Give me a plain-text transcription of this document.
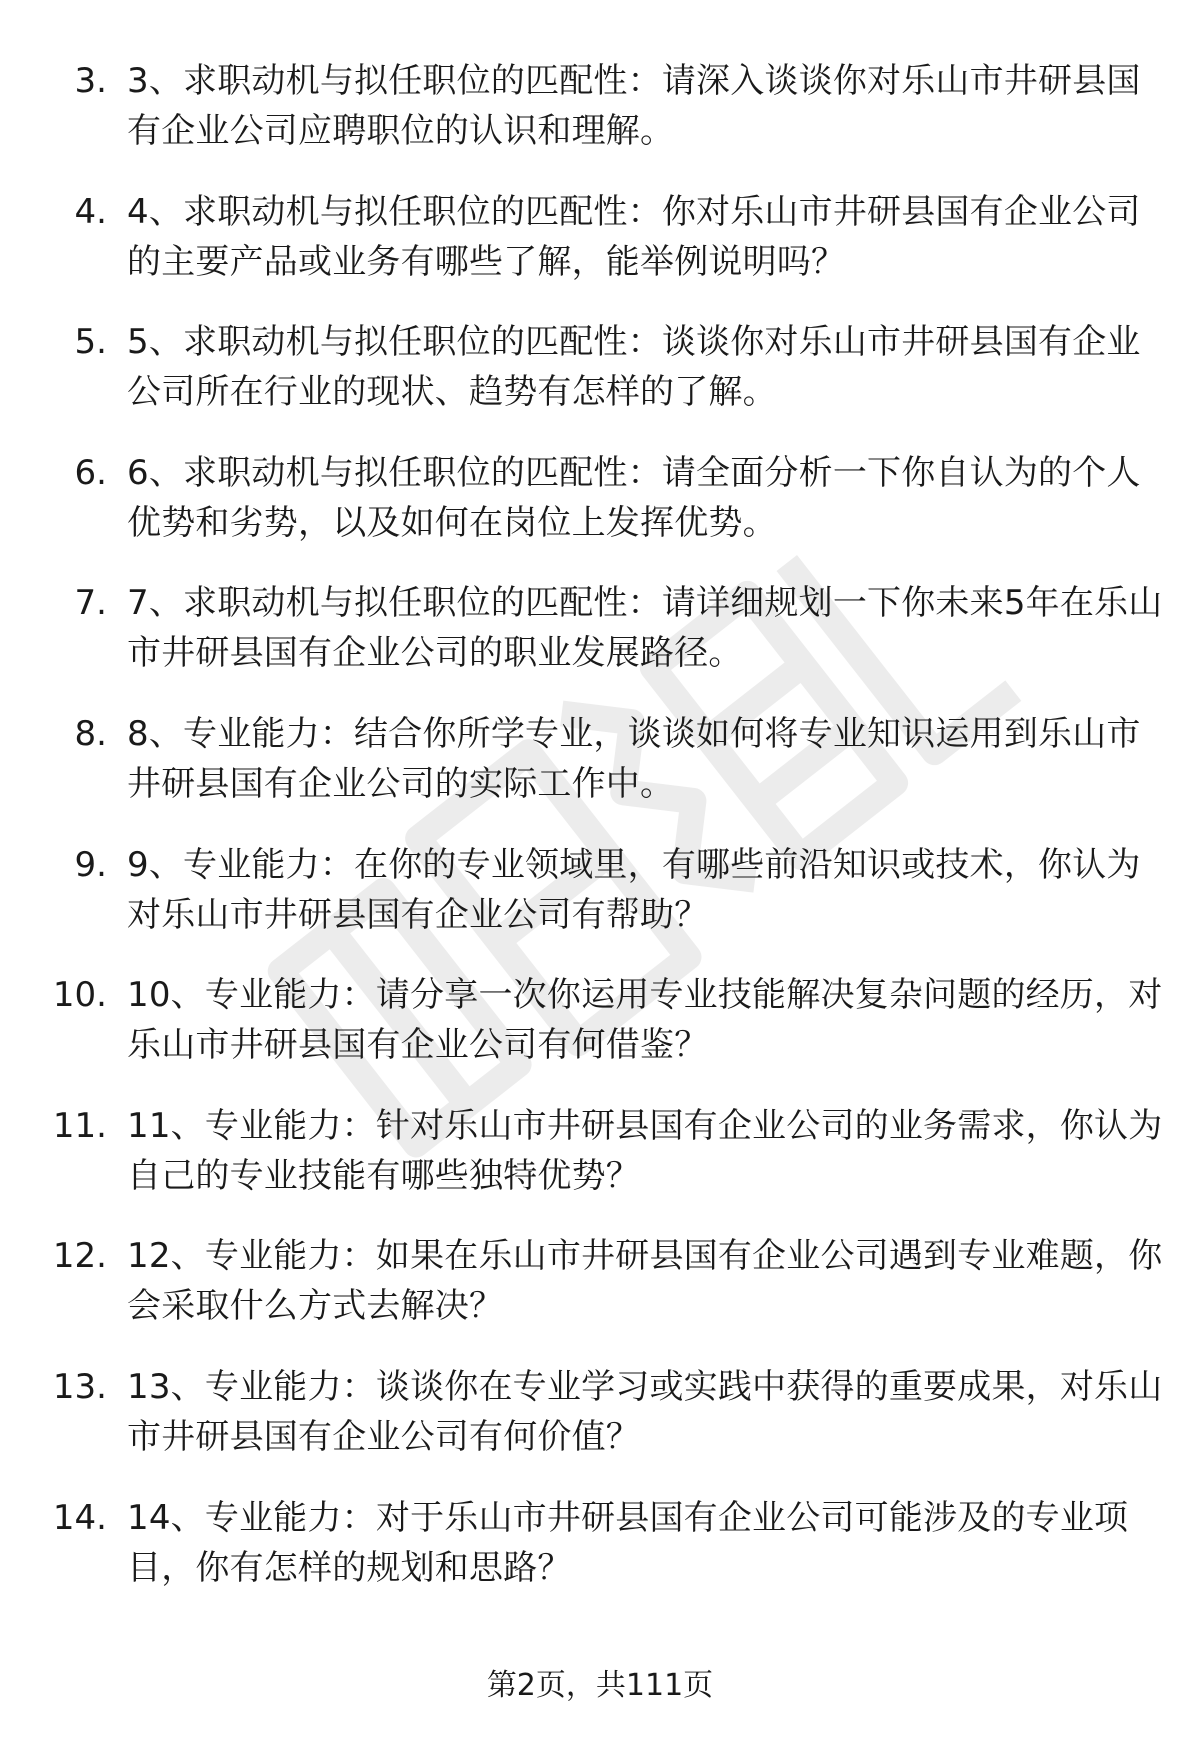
3. 3、求职动机与拟任职位的匹配性：请深入谈谈你对乐山市井研县国有企业公司应聘职位的认识和理解。
4. 4、求职动机与拟任职位的匹配性：你对乐山市井研县国有企业公司的主要产品或业务有哪些了解，能举例说明吗？
5. 5、求职动机与拟任职位的匹配性：谈谈你对乐山市井研县国有企业公司所在行业的现状、趋势有怎样的了解。
6. 6、求职动机与拟任职位的匹配性：请全面分析一下你自认为的个人优势和劣势，以及如何在岗位上发挥优势。
7. 7、求职动机与拟任职位的匹配性：请详细规划一下你未来5年在乐山市井研县国有企业公司的职业发展路径。
8. 8、专业能力：结合你所学专业，谈谈如何将专业知识运用到乐山市井研县国有企业公司的实际工作中。
9. 9、专业能力：在你的专业领域里，有哪些前沿知识或技术，你认为对乐山市井研县国有企业公司有帮助？
10. 10、专业能力：请分享一次你运用专业技能解决复杂问题的经历，对乐山市井研县国有企业公司有何借鉴？
11. 11、专业能力：针对乐山市井研县国有企业公司的业务需求，你认为自己的专业技能有哪些独特优势？
12. 12、专业能力：如果在乐山市井研县国有企业公司遇到专业难题，你会采取什么方式去解决？
13. 13、专业能力：谈谈你在专业学习或实践中获得的重要成果，对乐山市井研县国有企业公司有何价值？
14. 14、专业能力：对于乐山市井研县国有企业公司可能涉及的专业项目，你有怎样的规划和思路？
第2页，共111页
